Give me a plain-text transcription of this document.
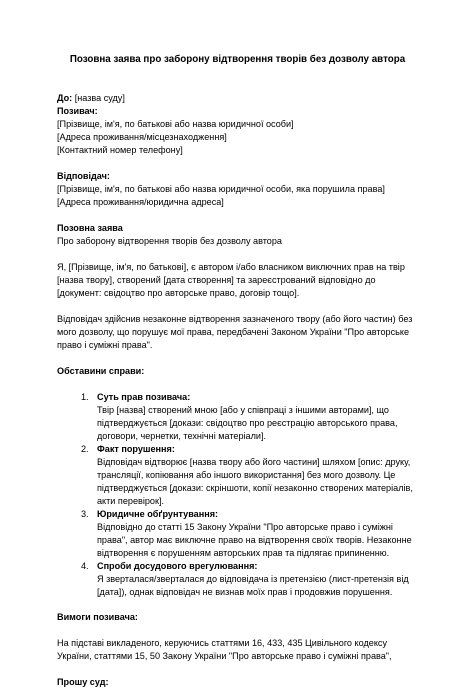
Позовна заява про заборону відтворення творів без дозволу автора

До: [назва суду]

Позивач:

[Прізвище, ім'я, по батькові або назва юридичної особи]

[Адреса проживання/місцезнаходження]

[Контактний номер телефону]

Відповідач:

[Прізвище, ім'я, по батькові або назва юридичної особи, яка порушила права]

[Адреса проживання/юридична адреса]

Позовна заява

Про заборону відтворення творів без дозволу автора

Я, [Прізвище, ім'я, по батькові], є автором і/або власником виключних прав на твір [назва твору], створений [дата створення] та зареєстрований відповідно до [документ: свідоцтво про авторське право, договір тощо].

Відповідач здійснив незаконне відтворення зазначеного твору (або його частин) без мого дозволу, що порушує мої права, передбачені Законом України "Про авторське право і суміжні права".

Обставини справи:

1. Суть прав позивача:
Твір [назва] створений мною [або у співпраці з іншими авторами], що підтверджується [докази: свідоцтво про реєстрацію авторського права, договори, чернетки, технічні матеріали].
2. Факт порушення:
Відповідач відтворює [назва твору або його частини] шляхом [опис: друку, трансляції, копіювання або іншого використання] без мого дозволу. Це підтверджується [докази: скріншоти, копії незаконно створених матеріалів, акти перевірок].
3. Юридичне обґрунтування:
Відповідно до статті 15 Закону України "Про авторське право і суміжні права", автор має виключне право на відтворення своїх творів. Незаконне відтворення є порушенням авторських прав та підлягає припиненню.
4. Спроби досудового врегулювання:
Я зверталася/зверталася до відповідача із претензією (лист-претензія від [дата]), однак відповідач не визнав моїх прав і продовжив порушення.

Вимоги позивача:

На підставі викладеного, керуючись статтями 16, 433, 435 Цивільного кодексу України, статтями 15, 50 Закону України "Про авторське право і суміжні права",

Прошу суд:
